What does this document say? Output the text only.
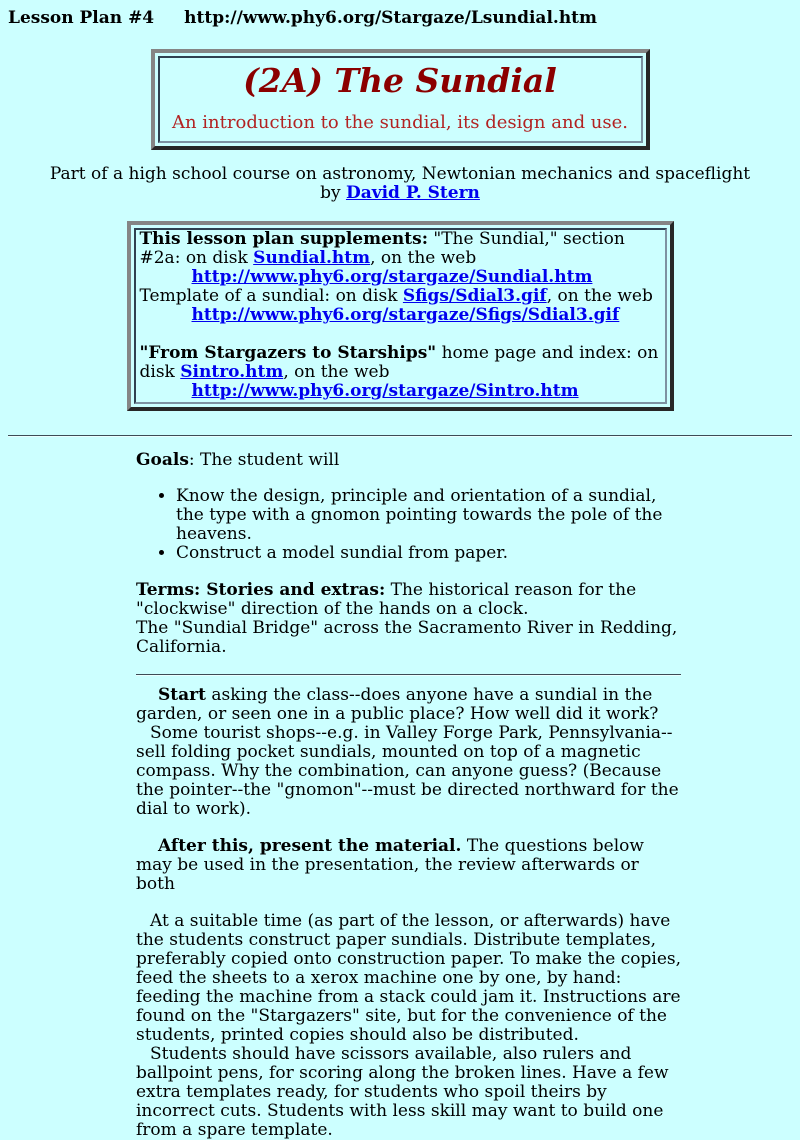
Lesson Plan #4 http://www.phy6.org/Stargaze/Lsundial.htm

(2A) The Sundial
An introduction to the sundial, its design and use.
Part of a high school course on astronomy, Newtonian mechanics and spaceflight
by David P. Stern

This lesson plan supplements: "The Sundial," section #2a: on disk Sundial.htm, on the web
http://www.phy6.org/stargaze/Sundial.htm
Template of a sundial: on disk Sfigs/Sdial3.gif, on the web
http://www.phy6.org/stargaze/Sfigs/Sdial3.gif

"From Stargazers to Starships" home page and index: on disk Sintro.htm, on the web
http://www.phy6.org/stargaze/Sintro.htm

Goals: The student will

• Know the design, principle and orientation of a sundial, the type with a gnomon pointing towards the pole of the heavens.
• Construct a model sundial from paper.

Terms: Stories and extras: The historical reason for the "clockwise" direction of the hands on a clock.
The "Sundial Bridge" across the Sacramento River in Redding, California.

Start asking the class--does anyone have a sundial in the garden, or seen one in a public place? How well did it work?
Some tourist shops--e.g. in Valley Forge Park, Pennsylvania--sell folding pocket sundials, mounted on top of a magnetic compass. Why the combination, can anyone guess? (Because the pointer--the "gnomon"--must be directed northward for the dial to work).

After this, present the material. The questions below may be used in the presentation, the review afterwards or both

At a suitable time (as part of the lesson, or afterwards) have the students construct paper sundials. Distribute templates, preferably copied onto construction paper. To make the copies, feed the sheets to a xerox machine one by one, by hand: feeding the machine from a stack could jam it. Instructions are found on the "Stargazers" site, but for the convenience of the students, printed copies should also be distributed.
Students should have scissors available, also rulers and ballpoint pens, for scoring along the broken lines. Have a few extra templates ready, for students who spoil theirs by incorrect cuts. Students with less skill may want to build one from a spare template.
